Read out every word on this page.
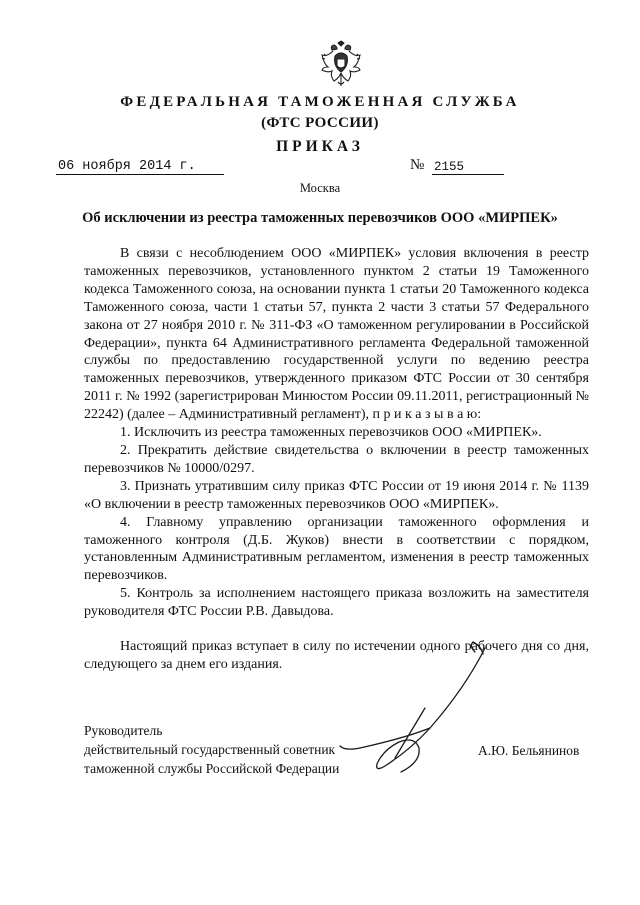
ФЕДЕРАЛЬНАЯ ТАМОЖЕННАЯ СЛУЖБА
(ФТС РОССИИ)
ПРИКАЗ
06 ноября 2014 г.	№ 2155
Москва
Об исключении из реестра таможенных перевозчиков ООО «МИРПЕК»

В связи с несоблюдением ООО «МИРПЕК» условия включения в реестр таможенных перевозчиков, установленного пунктом 2 статьи 19 Таможенного кодекса Таможенного союза, на основании пункта 1 статьи 20 Таможенного кодекса Таможенного союза, части 1 статьи 57, пункта 2 части 3 статьи 57 Федерального закона от 27 ноября 2010 г. № 311-ФЗ «О таможенном регулировании в Российской Федерации», пункта 64 Административного регламента Федеральной таможенной службы по предоставлению государственной услуги по ведению реестра таможенных перевозчиков, утвержденного приказом ФТС России от 30 сентября 2011 г. № 1992 (зарегистрирован Минюстом России 09.11.2011, регистрационный № 22242) (далее – Административный регламент), п р и к а з ы в а ю:

1. Исключить из реестра таможенных перевозчиков ООО «МИРПЕК».

2. Прекратить действие свидетельства о включении в реестр таможенных перевозчиков № 10000/0297.

3. Признать утратившим силу приказ ФТС России от 19 июня 2014 г. № 1139 «О включении в реестр таможенных перевозчиков ООО «МИРПЕК».

4. Главному управлению организации таможенного оформления и таможенного контроля (Д.Б. Жуков) внести в соответствии с порядком, установленным Административным регламентом, изменения в реестр таможенных перевозчиков.

5. Контроль за исполнением настоящего приказа возложить на заместителя руководителя ФТС России Р.В. Давыдова.

Настоящий приказ вступает в силу по истечении одного рабочего дня со дня, следующего за днем его издания.

Руководитель
действительный государственный советник
таможенной службы Российской Федерации
А.Ю. Бельянинов
